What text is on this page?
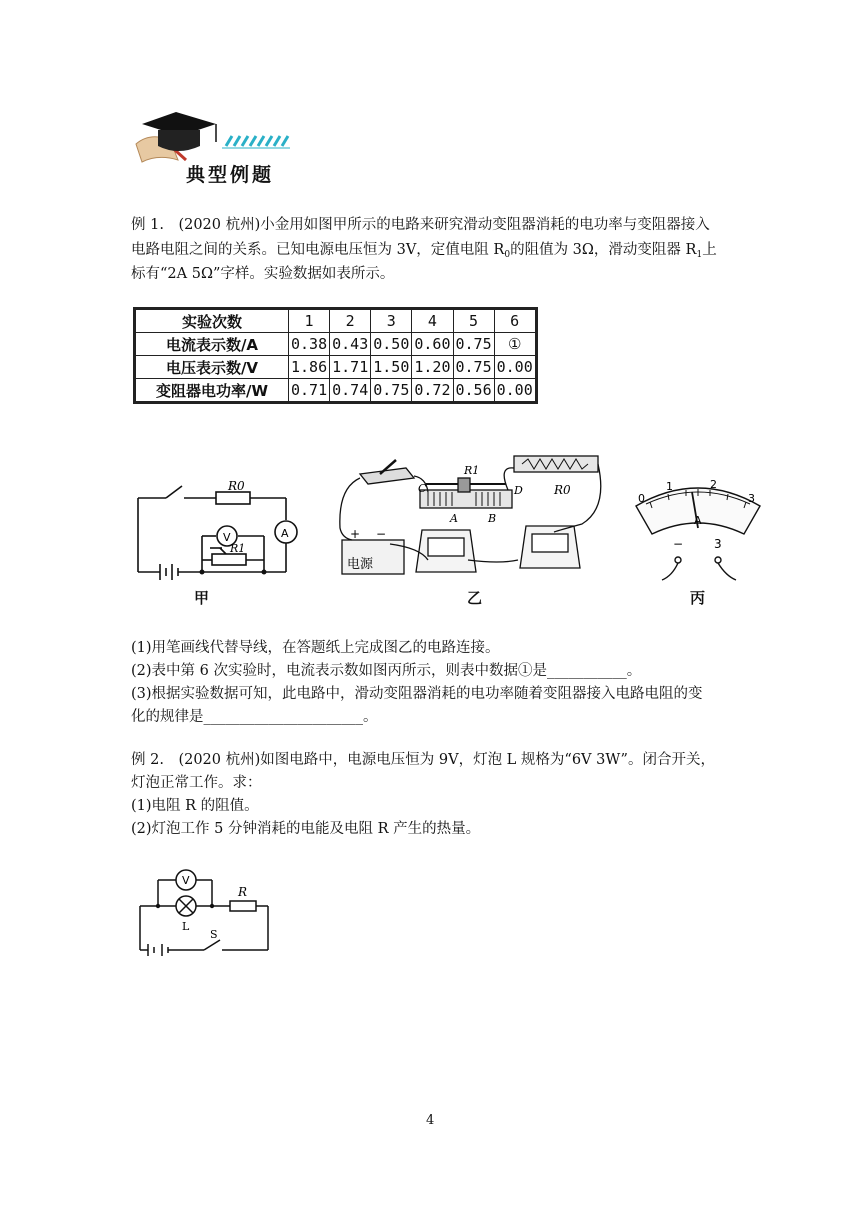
典型例题
例 1.　(2020 杭州)小金用如图甲所示的电路来研究滑动变阻器消耗的电功率与变阻器接入
电路电阻之间的关系。已知电源电压恒为 3V，定值电阻 $R_0$的阻值为 3Ω，滑动变阻器 $R_1$上
标有“2A 5Ω”字样。实验数据如表所示。
实验次数	1	2	3	4	5	6
电流表示数/A	0.38	0.43	0.50	0.60	0.75	①
电压表示数/V	1.86	1.71	1.50	1.20	0.75	0.00
变阻器电功率/W	0.71	0.74	0.75	0.72	0.56	0.00
R0
V	A
R1
甲
电源
+ −
R1
C	D
A	B
R0
乙
0
1	2
3
A
−	3
丙
(1)用笔画线代替导线，在答题纸上完成图乙的电路连接。
(2)表中第 6 次实验时，电流表示数如图丙所示，则表中数据①是___________。
(3)根据实验数据可知，此电路中，滑动变阻器消耗的电功率随着变阻器接入电路电阻的变
化的规律是______________________。
例 2.　(2020 杭州)如图电路中，电源电压恒为 9V，灯泡 L 规格为“6V 3W”。闭合开关，
灯泡正常工作。求：
(1)电阻 R 的阻值。
(2)灯泡工作 5 分钟消耗的电能及电阻 R 产生的热量。
V
R
L
S
4
